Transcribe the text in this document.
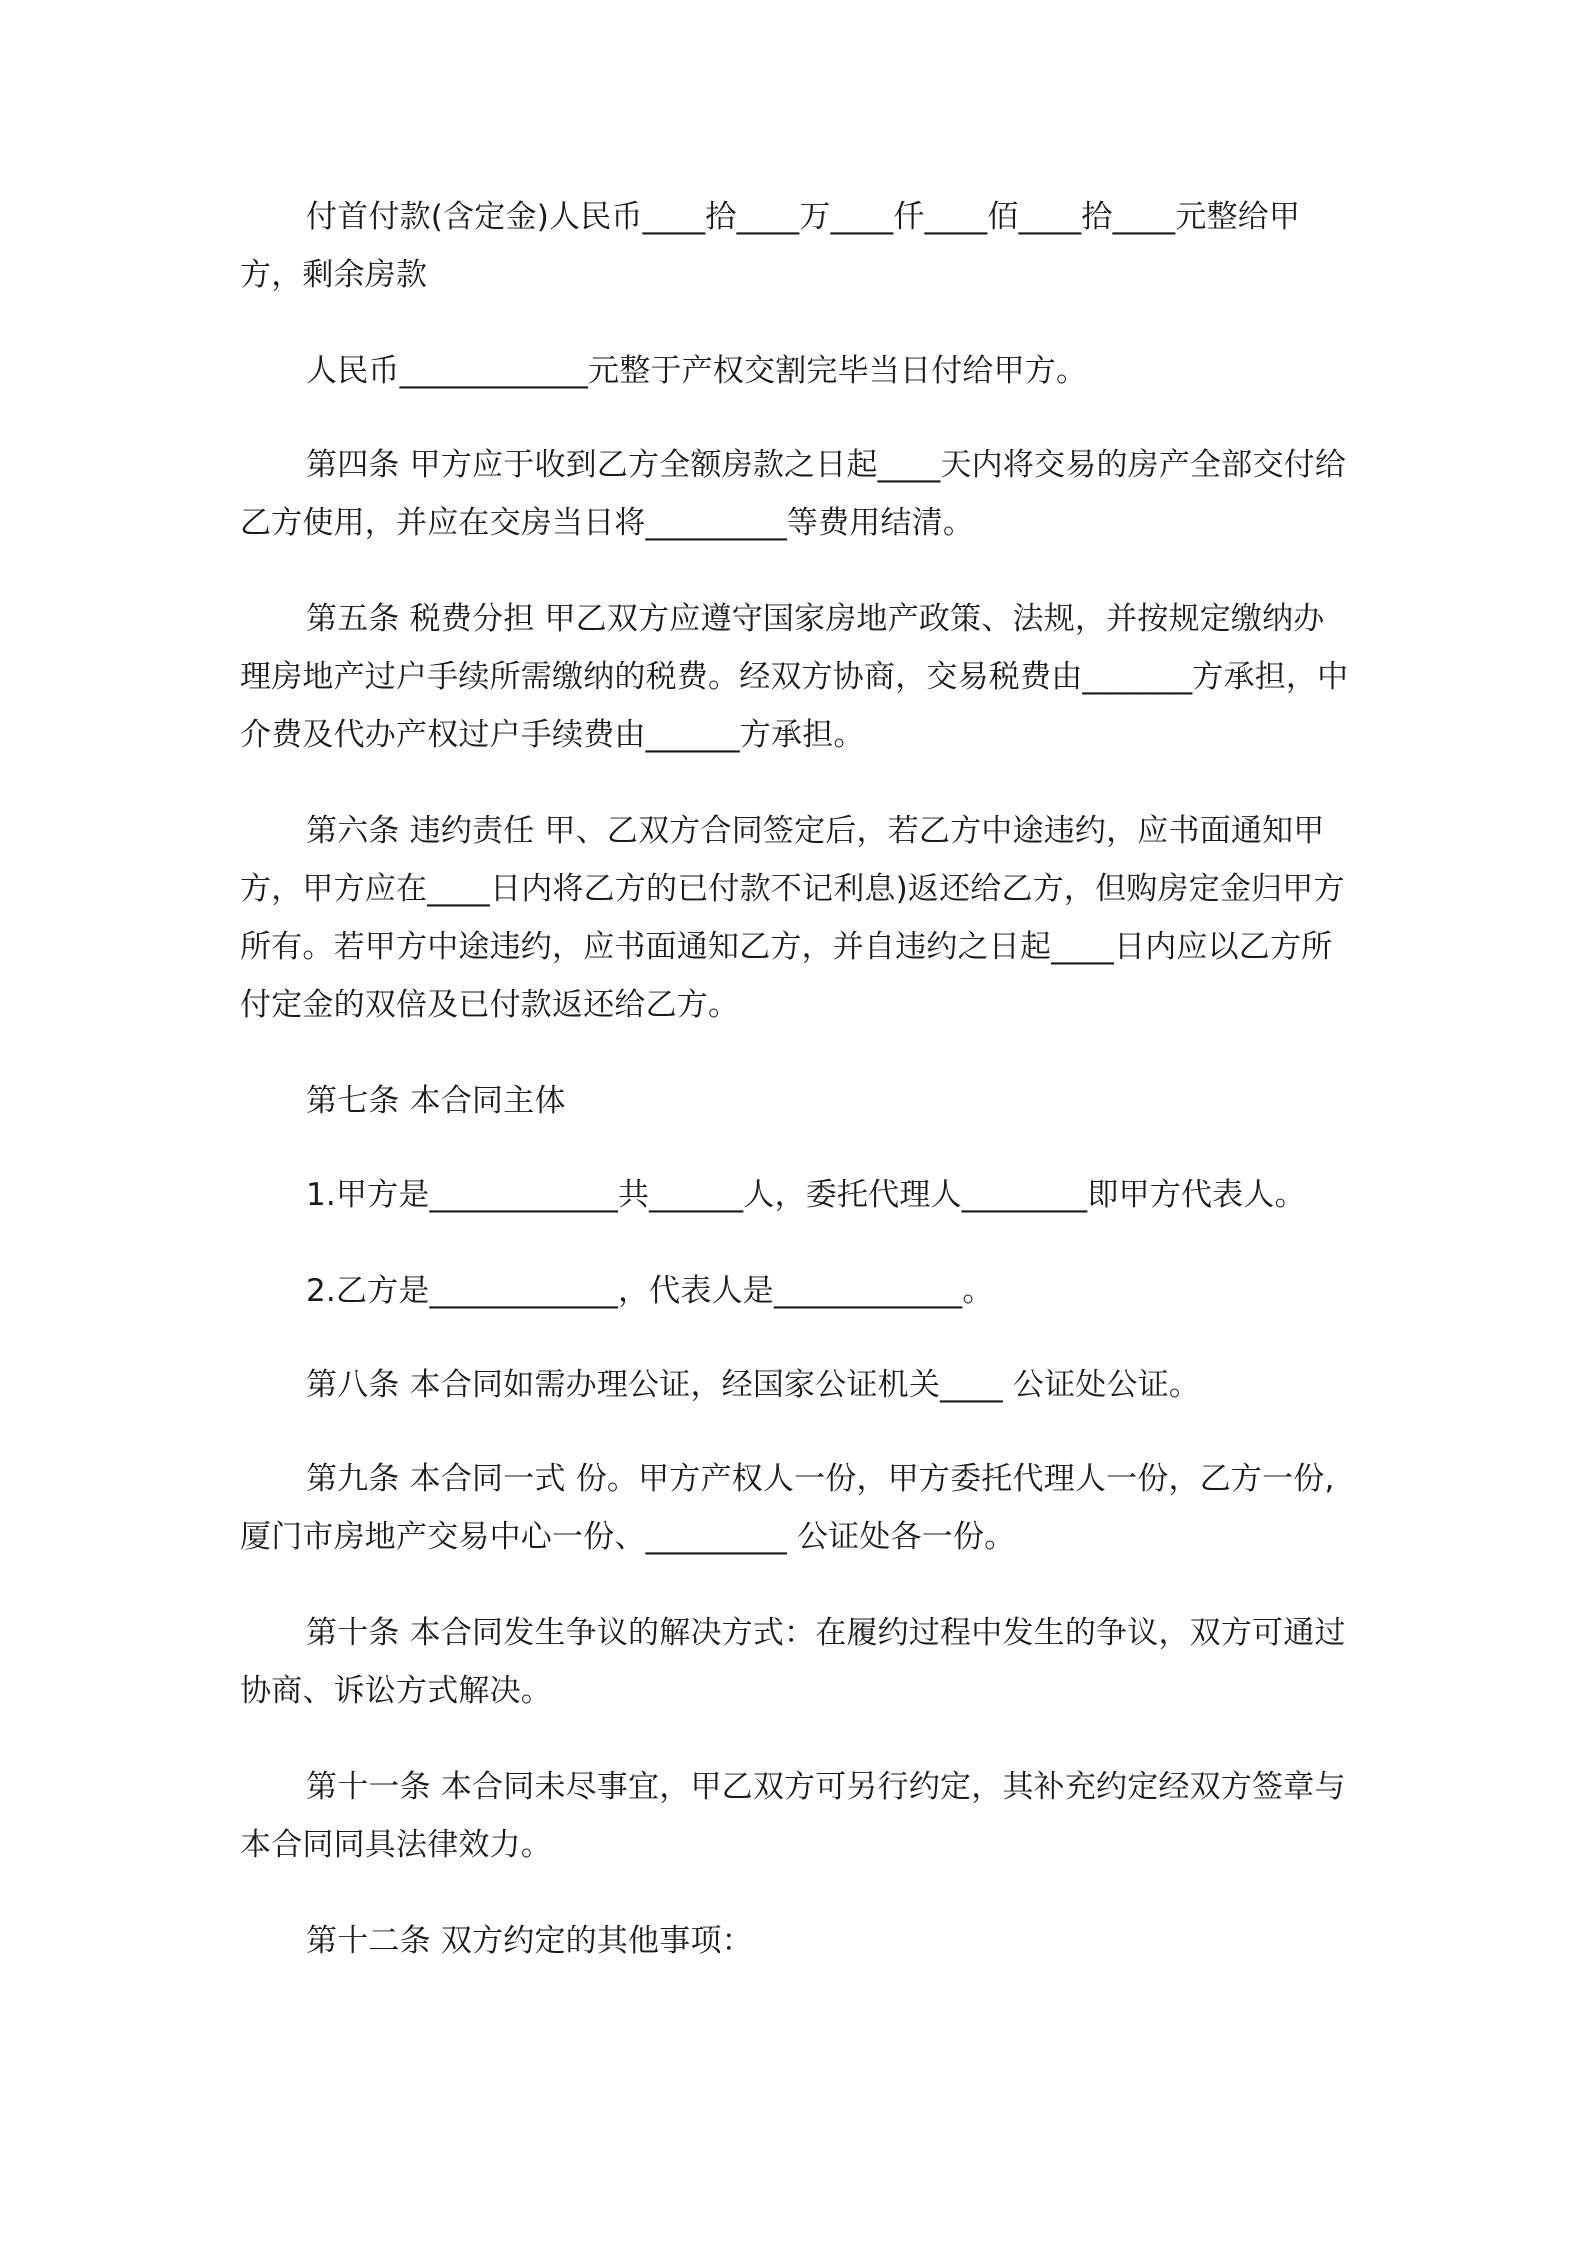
付首付款(含定金)人民币____拾____万____仟____佰____拾____元整给甲方，剩余房款

人民币____________元整于产权交割完毕当日付给甲方。

第四条 甲方应于收到乙方全额房款之日起____天内将交易的房产全部交付给乙方使用，并应在交房当日将_________等费用结清。

第五条 税费分担 甲乙双方应遵守国家房地产政策、法规，并按规定缴纳办理房地产过户手续所需缴纳的税费。经双方协商，交易税费由_______方承担，中介费及代办产权过户手续费由______方承担。

第六条 违约责任 甲、乙双方合同签定后，若乙方中途违约，应书面通知甲方，甲方应在____日内将乙方的已付款不记利息)返还给乙方，但购房定金归甲方所有。若甲方中途违约，应书面通知乙方，并自违约之日起____日内应以乙方所付定金的双倍及已付款返还给乙方。

第七条 本合同主体

1.甲方是____________共______人，委托代理人________即甲方代表人。

2.乙方是____________，代表人是____________。

第八条 本合同如需办理公证，经国家公证机关____ 公证处公证。

第九条 本合同一式 份。甲方产权人一份，甲方委托代理人一份，乙方一份,厦门市房地产交易中心一份、_________ 公证处各一份。

第十条 本合同发生争议的解决方式：在履约过程中发生的争议，双方可通过协商、诉讼方式解决。

第十一条 本合同未尽事宜，甲乙双方可另行约定，其补充约定经双方签章与本合同同具法律效力。

第十二条 双方约定的其他事项：
